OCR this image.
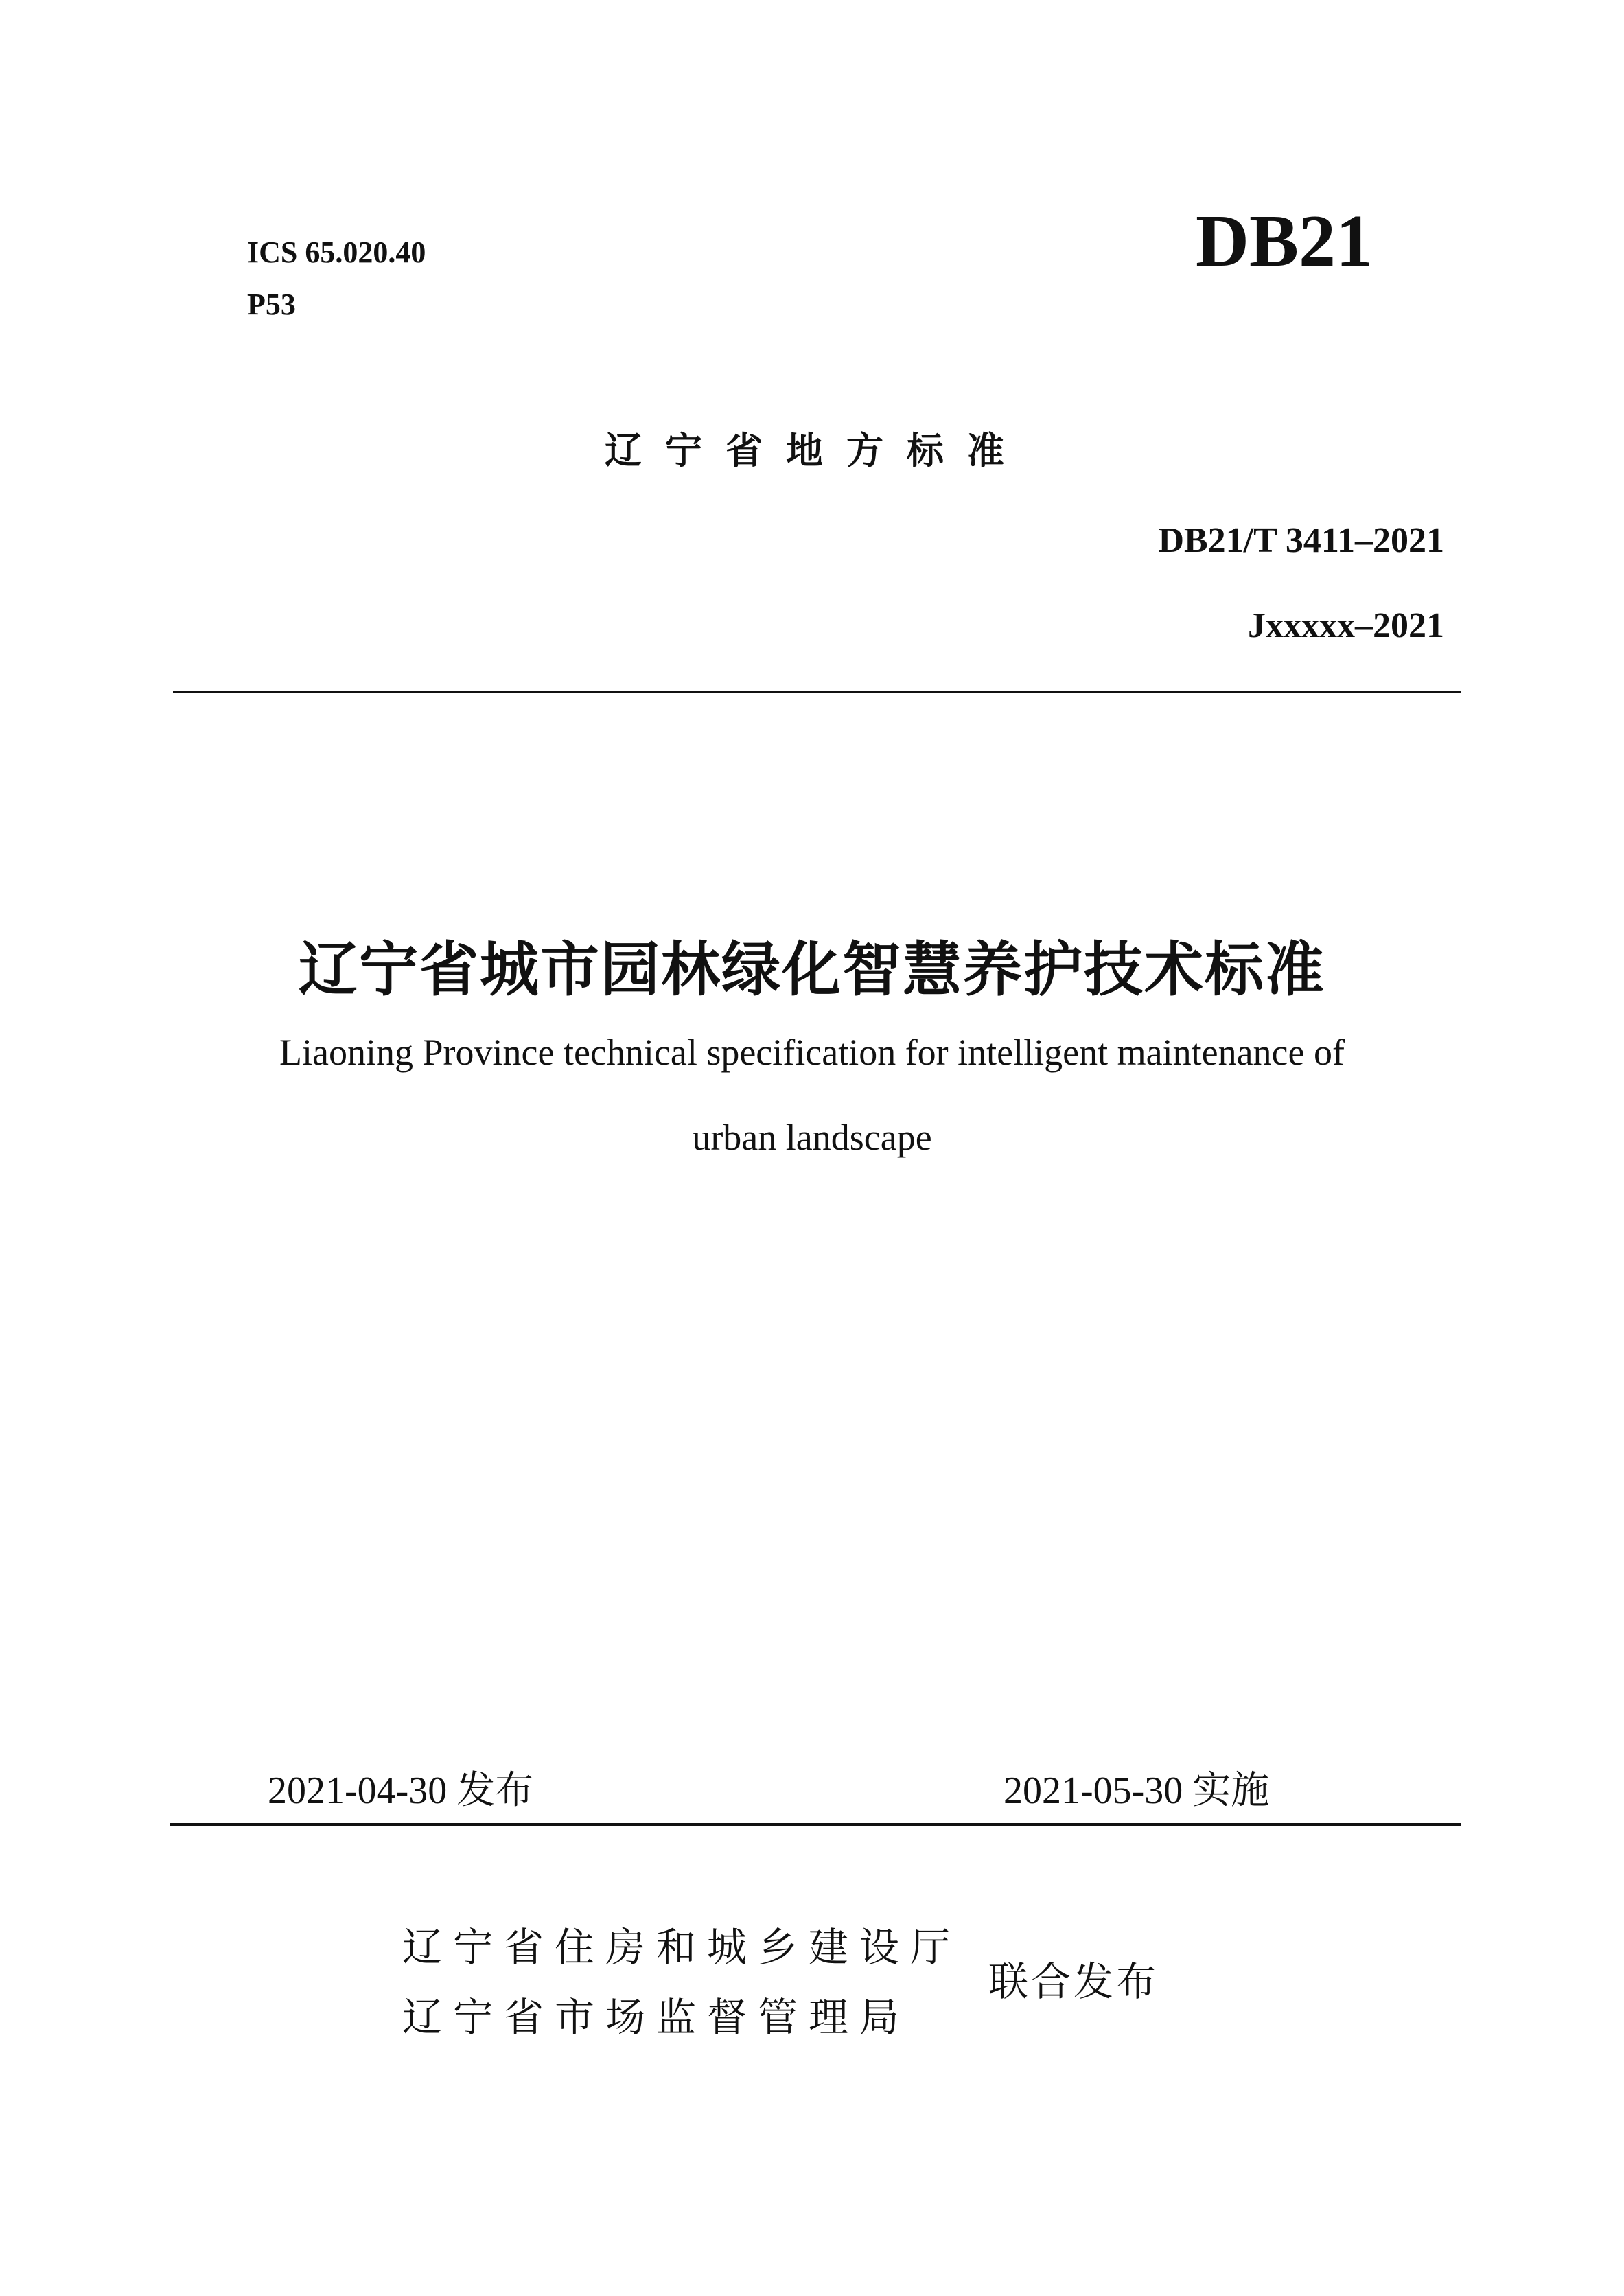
ICS 65.020.40
P53
DB21
辽宁省地方标准
DB21/T 3411–2021
Jxxxxx–2021
辽宁省城市园林绿化智慧养护技术标准
Liaoning Province technical specification for intelligent maintenance of
urban landscape
2021-04-30 发布	2021-05-30 实施
辽宁省住房和城乡建设厅
辽宁省市场监督管理局
联合发布
